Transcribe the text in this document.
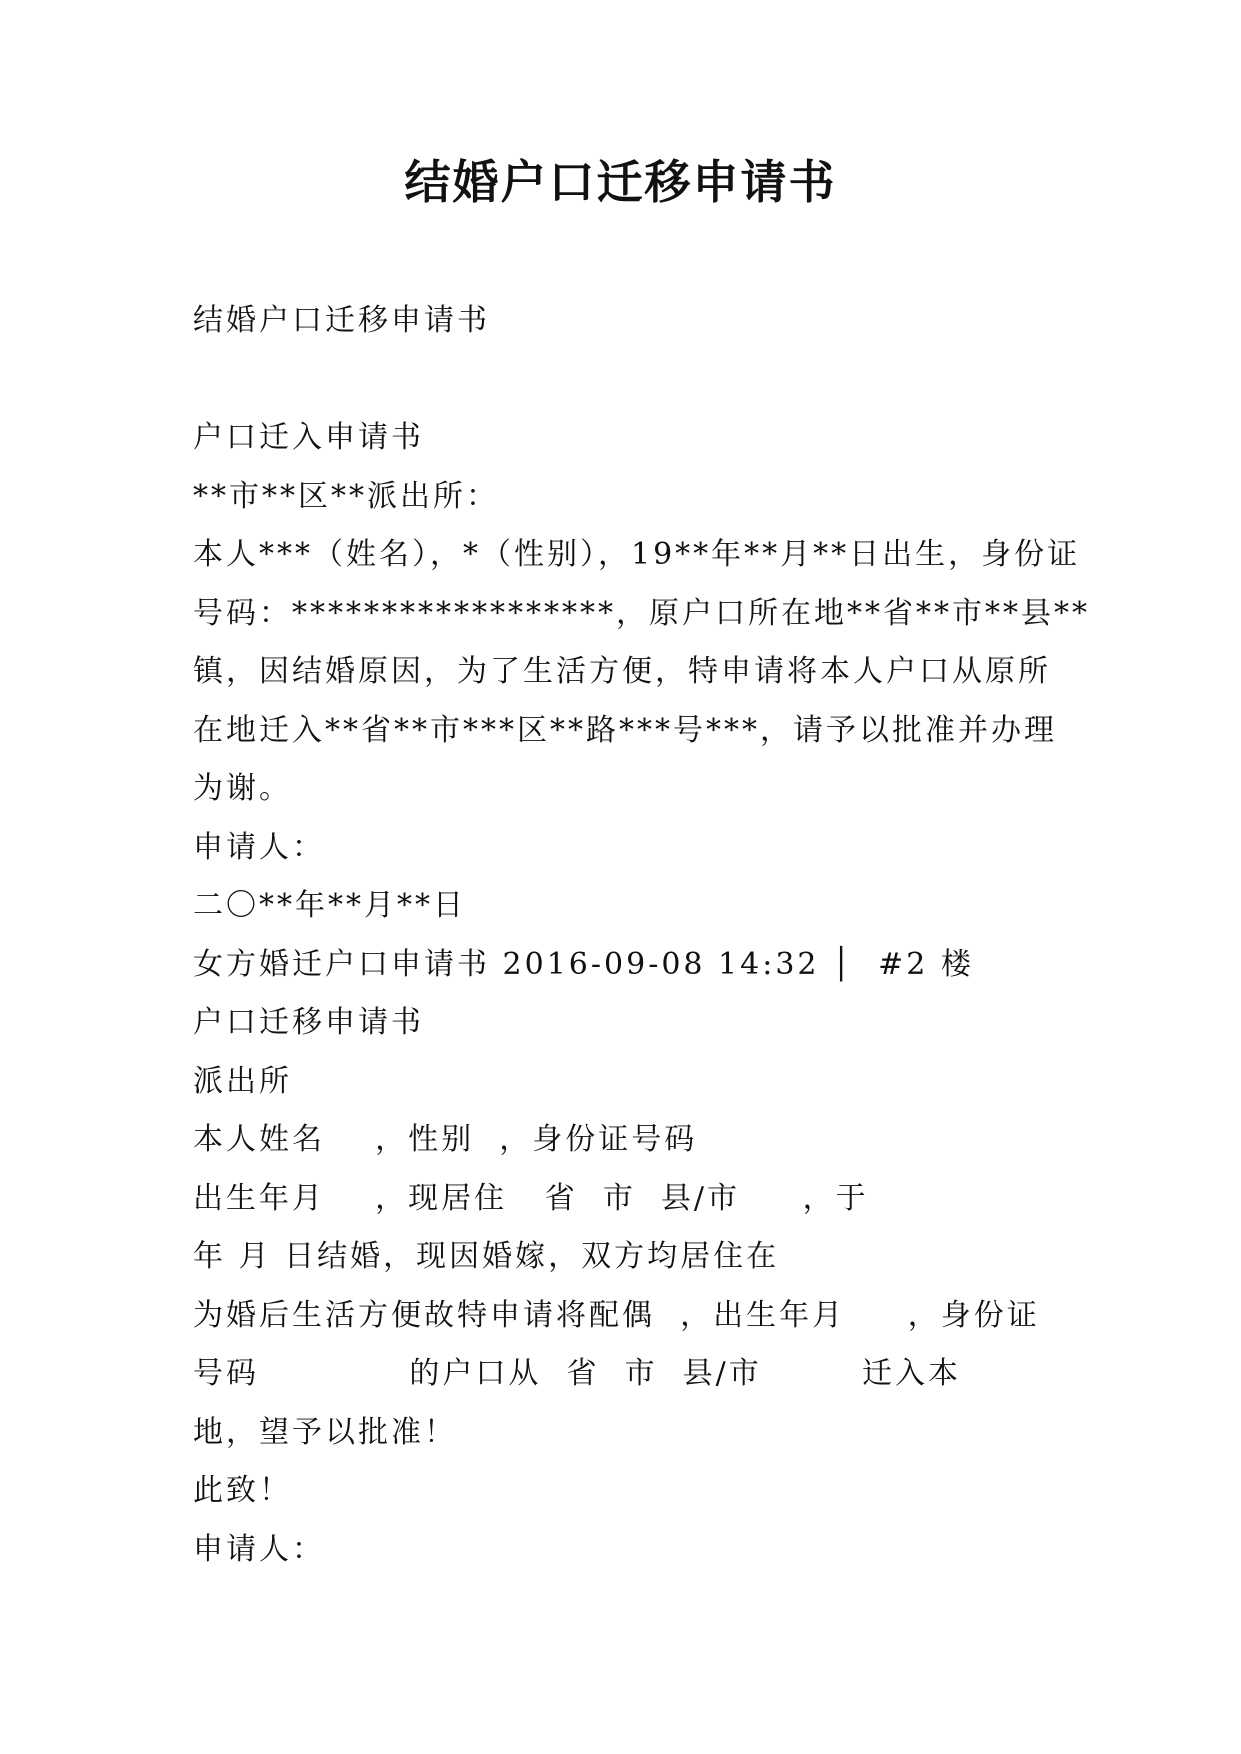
结婚户口迁移申请书

结婚户口迁移申请书

户口迁入申请书

**市**区**派出所：

本人***（姓名），*（性别），19**年**月**日出生，身份证

号码：******************，原户口所在地**省**市**县**

镇，因结婚原因，为了生活方便，特申请将本人户口从原所

在地迁入**省**市***区**路***号***，请予以批准并办理

为谢。

申请人：

二〇**年**月**日

女方婚迁户口申请书 2016-09-08 14:32 │  #2 楼

户口迁移申请书

派出所

本人姓名    ，性别  ，身份证号码

出生年月    ，现居住   省  市  县/市     ，于

年 月 日结婚，现因婚嫁，双方均居住在

为婚后生活方便故特申请将配偶  ，出生年月     ，身份证

号码            的户口从  省  市  县/市        迁入本

地，望予以批准！

此致！

申请人：
